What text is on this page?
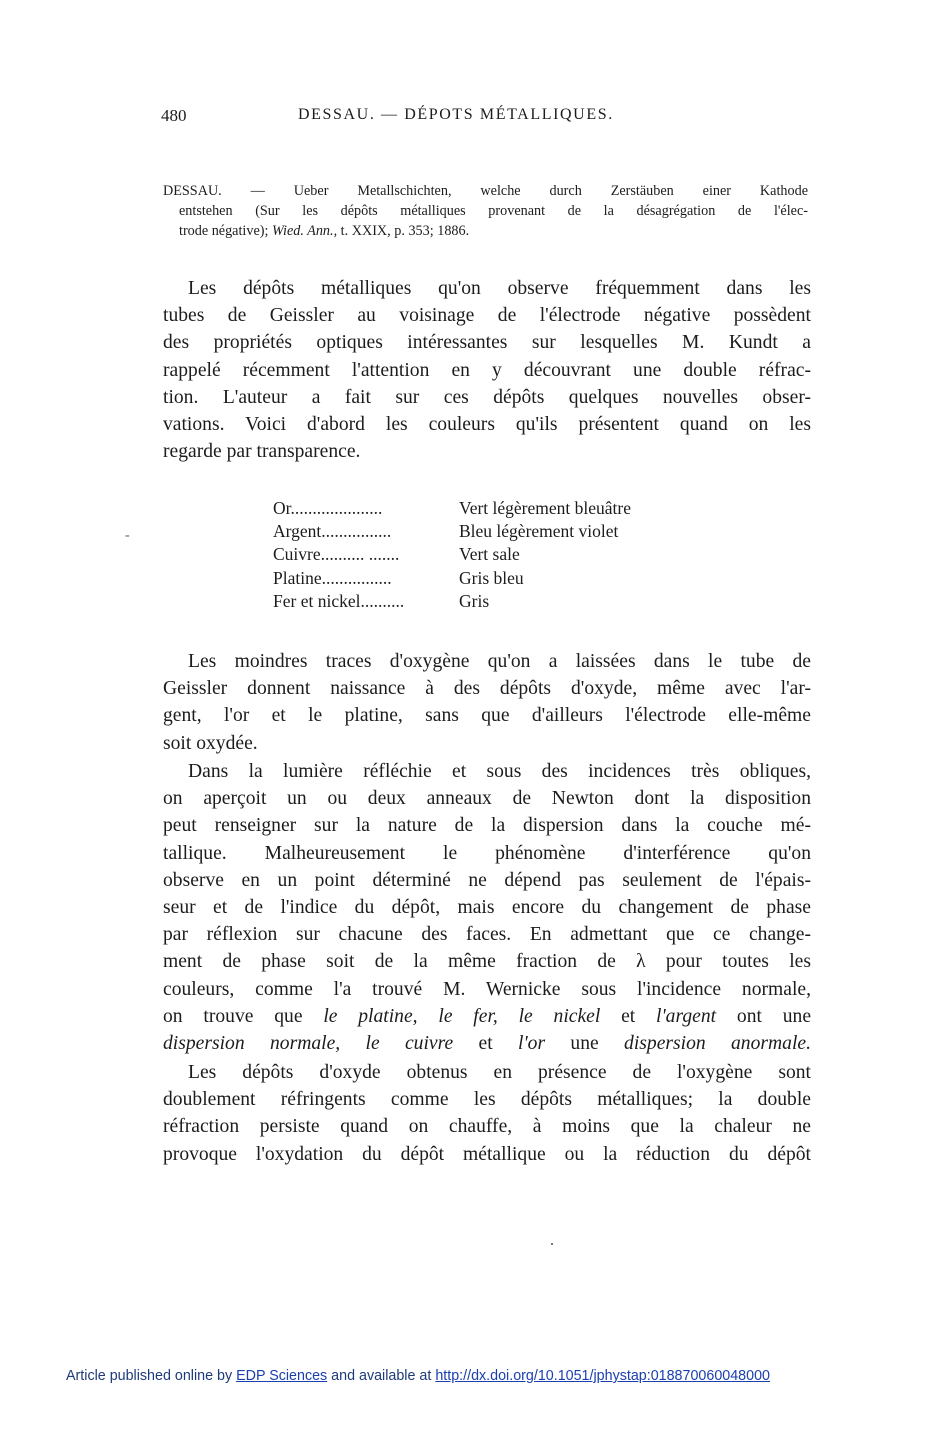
480	DESSAU. — DÉPOTS MÉTALLIQUES.
DESSAU. — Ueber Metallschichten, welche durch Zerstäuben einer Kathode
entstehen (Sur les dépôts métalliques provenant de la désagrégation de l'élec-
trode négative); Wied. Ann., t. XXIX, p. 353; 1886.
Les dépôts métalliques qu'on observe fréquemment dans les
tubes de Geissler au voisinage de l'électrode négative possèdent
des propriétés optiques intéressantes sur lesquelles M. Kundt a
rappelé récemment l'attention en y découvrant une double réfrac-
tion. L'auteur a fait sur ces dépôts quelques nouvelles obser-
vations. Voici d'abord les couleurs qu'ils présentent quand on les
regarde par transparence.
-
Or.....................	Vert légèrement bleuâtre
Argent................	Bleu légèrement violet
Cuivre.......... .......	Vert sale
Platine................	Gris bleu
Fer et nickel..........	Gris
Les moindres traces d'oxygène qu'on a laissées dans le tube de
Geissler donnent naissance à des dépôts d'oxyde, même avec l'ar-
gent, l'or et le platine, sans que d'ailleurs l'électrode elle-même
soit oxydée.
Dans la lumière réfléchie et sous des incidences très obliques,
on aperçoit un ou deux anneaux de Newton dont la disposition
peut renseigner sur la nature de la dispersion dans la couche mé-
tallique. Malheureusement le phénomène d'interférence qu'on
observe en un point déterminé ne dépend pas seulement de l'épais-
seur et de l'indice du dépôt, mais encore du changement de phase
par réflexion sur chacune des faces. En admettant que ce change-
ment de phase soit de la même fraction de λ pour toutes les
couleurs, comme l'a trouvé M. Wernicke sous l'incidence normale,
on trouve que le platine, le fer, le nickel et l'argent ont une
dispersion normale, le cuivre et l'or une dispersion anormale.
Les dépôts d'oxyde obtenus en présence de l'oxygène sont
doublement réfringents comme les dépôts métalliques; la double
réfraction persiste quand on chauffe, à moins que la chaleur ne
provoque l'oxydation du dépôt métallique ou la réduction du dépôt
Article published online by EDP Sciences and available at http://dx.doi.org/10.1051/jphystap:018870060048000
